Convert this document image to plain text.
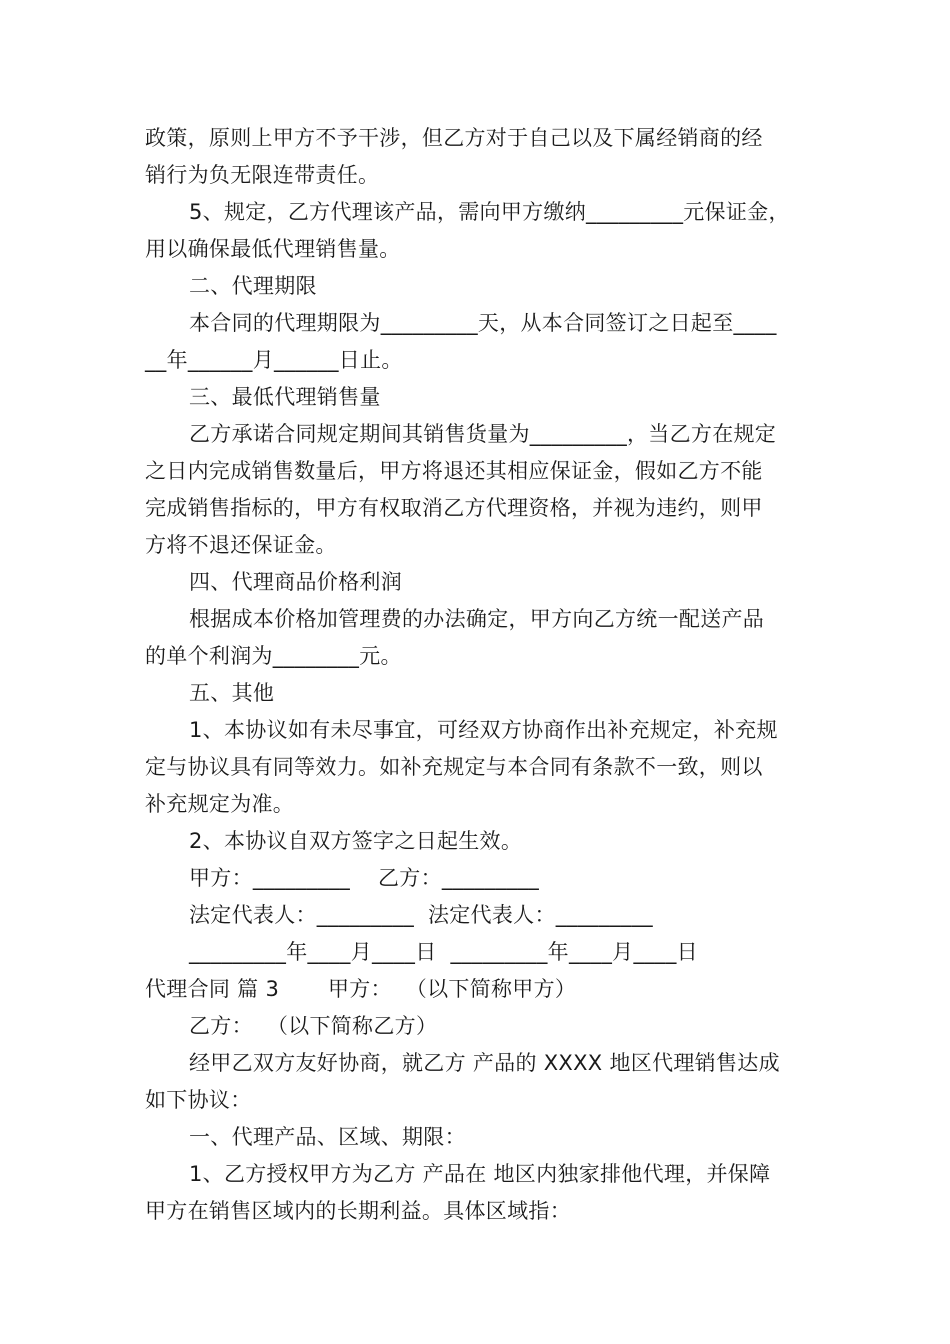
政策，原则上甲方不予干涉，但乙方对于自己以及下属经销商的经
销行为负无限连带责任。
5、规定，乙方代理该产品，需向甲方缴纳_________元保证金，
用以确保最低代理销售量。
二、代理期限
本合同的代理期限为_________天，从本合同签订之日起至____
__年______月______日止。
三、最低代理销售量
乙方承诺合同规定期间其销售货量为_________，当乙方在规定
之日内完成销售数量后，甲方将退还其相应保证金，假如乙方不能
完成销售指标的，甲方有权取消乙方代理资格，并视为违约，则甲
方将不退还保证金。
四、代理商品价格利润
根据成本价格加管理费的办法确定，甲方向乙方统一配送产品
的单个利润为________元。
五、其他
1、本协议如有未尽事宜，可经双方协商作出补充规定，补充规
定与协议具有同等效力。如补充规定与本合同有条款不一致，则以
补充规定为准。
2、本协议自双方签字之日起生效。
甲方：_________    乙方：_________
法定代表人：_________  法定代表人：_________
_________年____月____日  _________年____月____日
代理合同 篇 3       甲方：  （以下简称甲方）
乙方：  （以下简称乙方）
经甲乙双方友好协商，就乙方 产品的 XXXX 地区代理销售达成
如下协议：
一、代理产品、区域、期限：
1、乙方授权甲方为乙方 产品在 地区内独家排他代理，并保障
甲方在销售区域内的长期利益。具体区域指：
